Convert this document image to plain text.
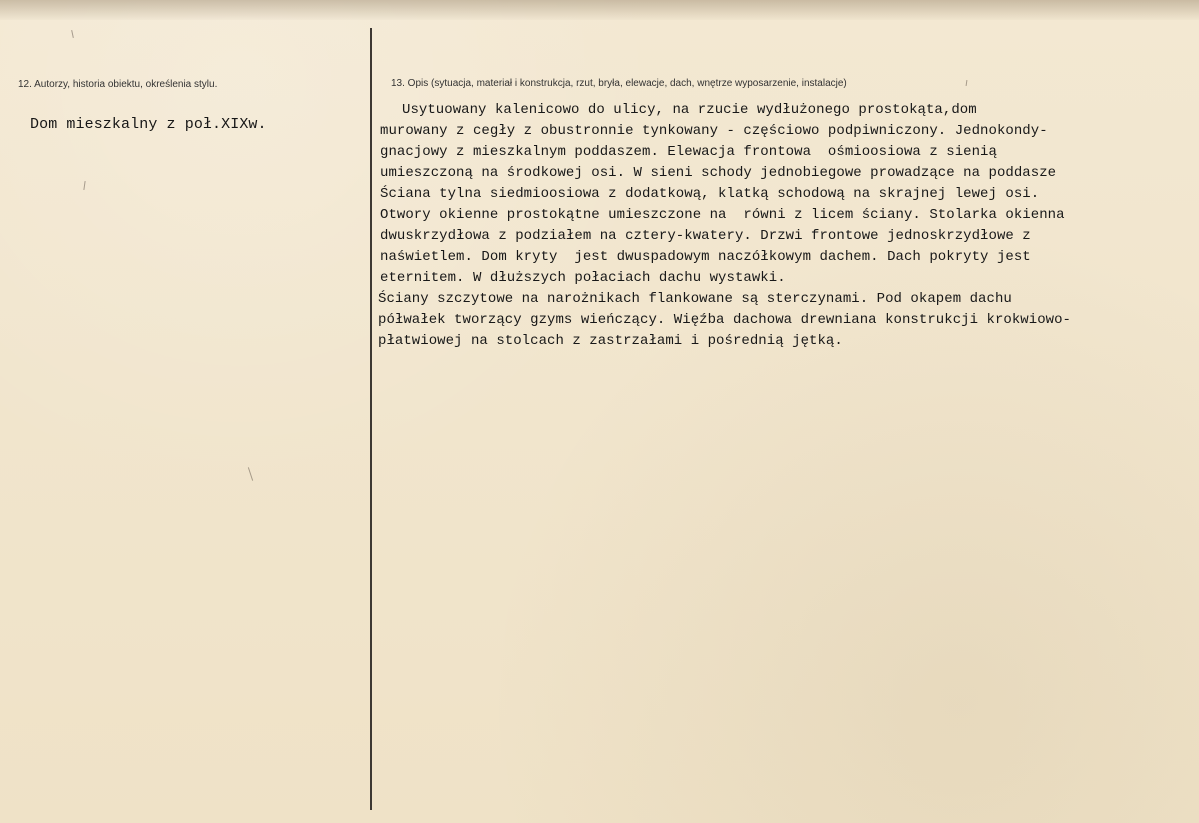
12. Autorzy, historia obiektu, określenia stylu.
Dom mieszkalny z poł.XIXw.
13. Opis (sytuacja, materiał i konstrukcja, rzut, bryła, elewacje, dach, wnętrze wyposarzenie, instalacje)
Usytuowany kalenicowo do ulicy, na rzucie wydłużonego prostokąta,dom
murowany z cegły z obustronnie tynkowany - częściowo podpiwniczony. Jednokondy-
gnacjowy z mieszkalnym poddaszem. Elewacja frontowa  ośmioosiowa z sienią
umieszczoną na środkowej osi. W sieni schody jednobiegowe prowadzące na poddasze
Ściana tylna siedmioosiowa z dodatkową, klatką schodową na skrajnej lewej osi.
Otwory okienne prostokątne umieszczone na  równi z licem ściany. Stolarka okienna
dwuskrzydłowa z podziałem na cztery-kwatery. Drzwi frontowe jednoskrzydłowe z
naświetlem. Dom kryty  jest dwuspadowym naczółkowym dachem. Dach pokryty jest
eternitem. W dłuższych połaciach dachu wystawki.
Ściany szczytowe na narożnikach flankowane są sterczynami. Pod okapem dachu
półwałek tworzący gzyms wieńczący. Więźba dachowa drewniana konstrukcji krokwiowo-
płatwiowej na stolcach z zastrzałami i pośrednią jętką.
